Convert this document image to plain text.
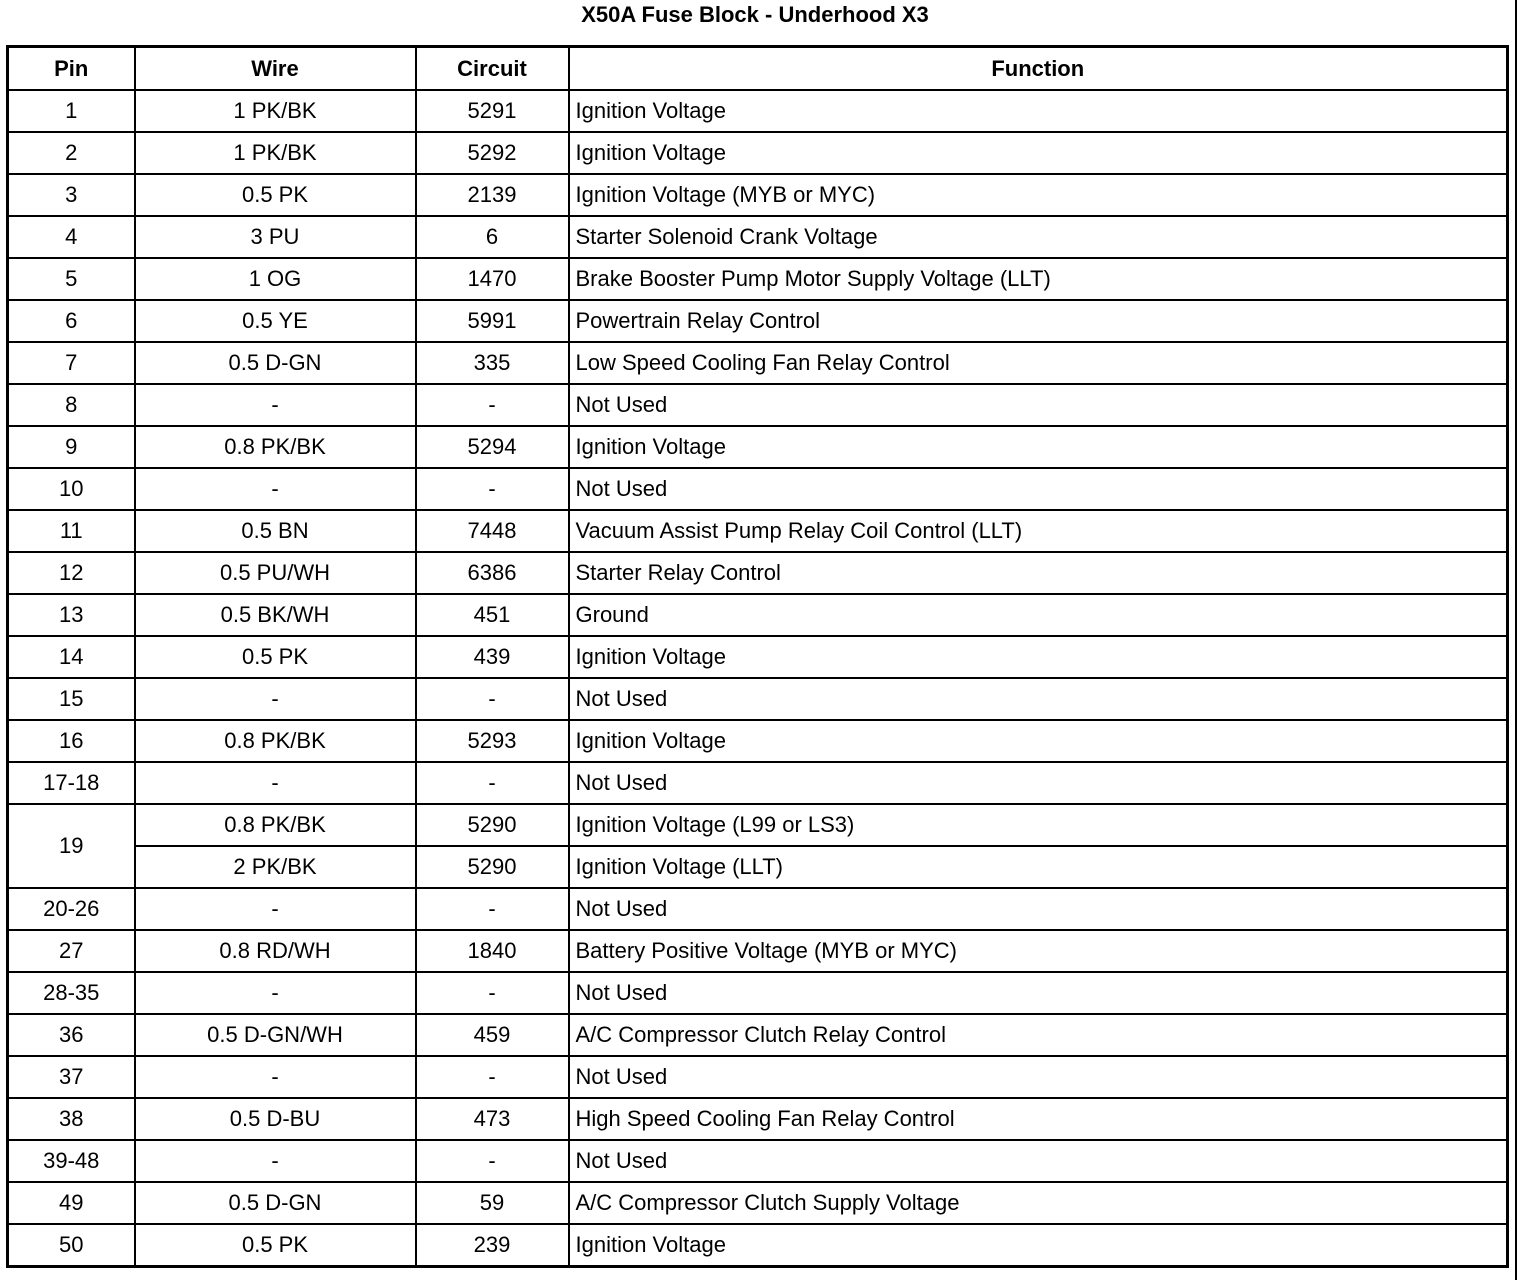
X50A Fuse Block - Underhood X3
Pin	Wire	Circuit	Function
1	1 PK/BK	5291	Ignition Voltage
2	1 PK/BK	5292	Ignition Voltage
3	0.5 PK	2139	Ignition Voltage (MYB or MYC)
4	3 PU	6	Starter Solenoid Crank Voltage
5	1 OG	1470	Brake Booster Pump Motor Supply Voltage (LLT)
6	0.5 YE	5991	Powertrain Relay Control
7	0.5 D-GN	335	Low Speed Cooling Fan Relay Control
8	-	-	Not Used
9	0.8 PK/BK	5294	Ignition Voltage
10	-	-	Not Used
11	0.5 BN	7448	Vacuum Assist Pump Relay Coil Control (LLT)
12	0.5 PU/WH	6386	Starter Relay Control
13	0.5 BK/WH	451	Ground
14	0.5 PK	439	Ignition Voltage
15	-	-	Not Used
16	0.8 PK/BK	5293	Ignition Voltage
17-18	-	-	Not Used
19	0.8 PK/BK	5290	Ignition Voltage (L99 or LS3)
	2 PK/BK	5290	Ignition Voltage (LLT)
20-26	-	-	Not Used
27	0.8 RD/WH	1840	Battery Positive Voltage (MYB or MYC)
28-35	-	-	Not Used
36	0.5 D-GN/WH	459	A/C Compressor Clutch Relay Control
37	-	-	Not Used
38	0.5 D-BU	473	High Speed Cooling Fan Relay Control
39-48	-	-	Not Used
49	0.5 D-GN	59	A/C Compressor Clutch Supply Voltage
50	0.5 PK	239	Ignition Voltage
